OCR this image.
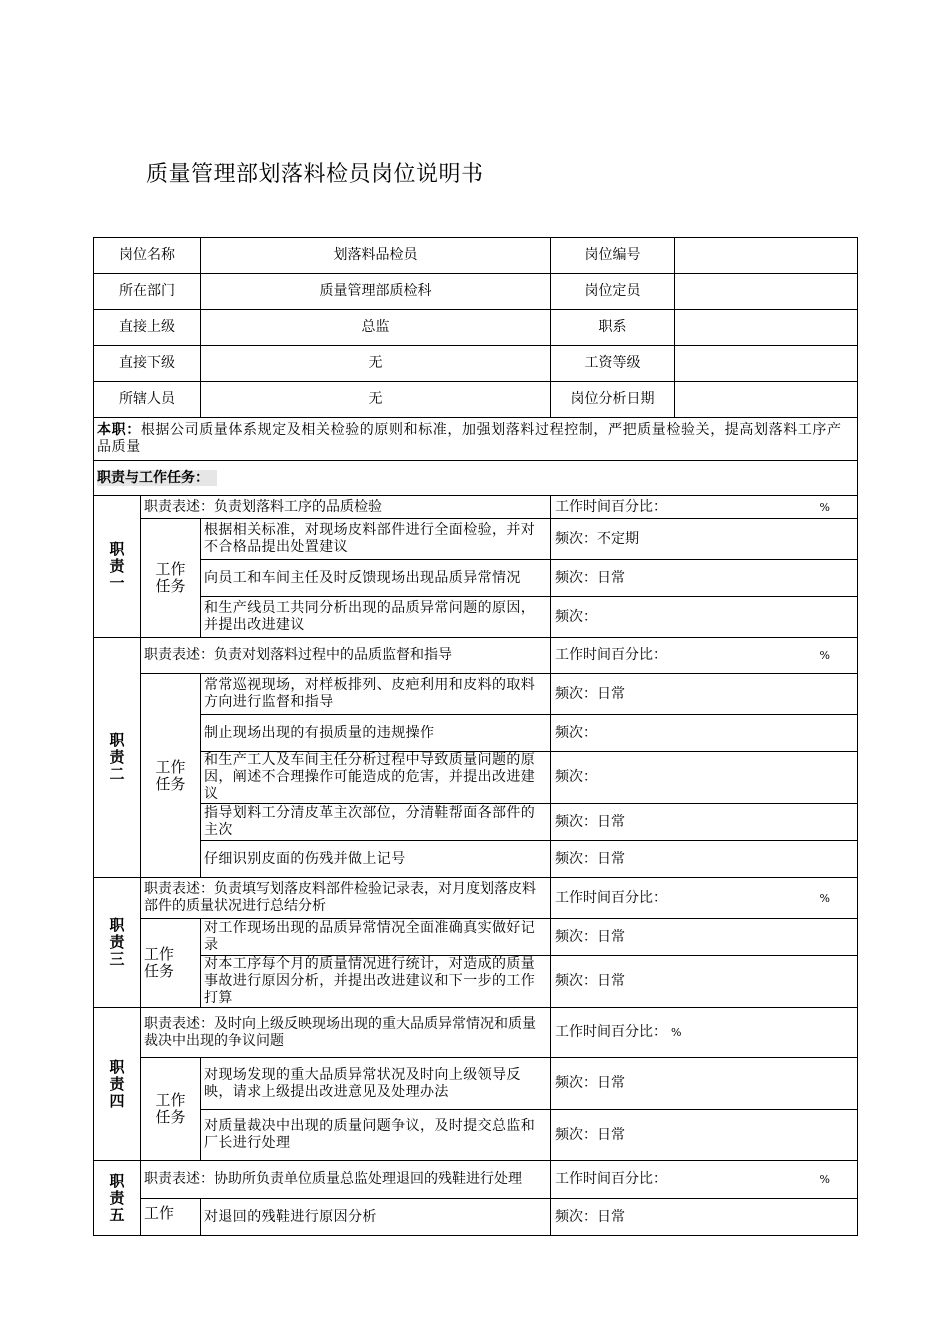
质量管理部划落料检员岗位说明书
岗位名称		划落料品检员	岗位编号	
所在部门		质量管理部质检科	岗位定员	
直接上级		总监	职系	
直接下级		无	工资等级	
所辖人员		无	岗位分析日期	
本职：根据公司质量体系规定及相关检验的原则和标准，加强划落料过程控制，严把质量检验关，提高划落料工序产品质量				
职责与工作任务：				
职
责
一	职责表述：负责划落料工序的品质检验		工作时间百分比： %	

	工作
任务	根据相关标准，对现场皮料部件进行全面检验，并对不合格品提出处置建议	频次：不定期	
		向员工和车间主任及时反馈现场出现品质异常情况	频次：日常	
		和生产线员工共同分析出现的品质异常问题的原因，并提出改进建议	频次：	
职
责
二	职责表述：负责对划落料过程中的品质监督和指导		工作时间百分比： %	

	工作
任务	常常巡视现场，对样板排列、皮疤利用和皮料的取料方向进行监督和指导	频次：日常	
		制止现场出现的有损质量的违规操作	频次：	
		和生产工人及车间主任分析过程中导致质量问题的原因，阐述不合理操作可能造成的危害，并提出改进建议	频次：	
		指导划料工分清皮革主次部位，分清鞋帮面各部件的主次	频次：日常	
		仔细识别皮面的伤残并做上记号	频次：日常	
职
责
三	职责表述：负责填写划落皮料部件检验记录表，对月度划落皮料部件的质量状况进行总结分析		工作时间百分比： %	

	工作
任务	对工作现场出现的品质异常情况全面准确真实做好记录	频次：日常	
		对本工序每个月的质量情况进行统计，对造成的质量事故进行原因分析，并提出改进建议和下一步的工作打算	频次：日常	
职
责
四	职责表述：及时向上级反映现场出现的重大品质异常情况和质量裁决中出现的争议问题		工作时间百分比： %	
	工作
任务	对现场发现的重大品质异常状况及时向上级领导反映，请求上级提出改进意见及处理办法	频次：日常	
		对质量裁决中出现的质量问题争议，及时提交总监和厂长进行处理	频次：日常	
职
责
五	职责表述：协助所负责单位质量总监处理退回的残鞋进行处理		工作时间百分比： %	

	工作	对退回的残鞋进行原因分析	频次：日常	
